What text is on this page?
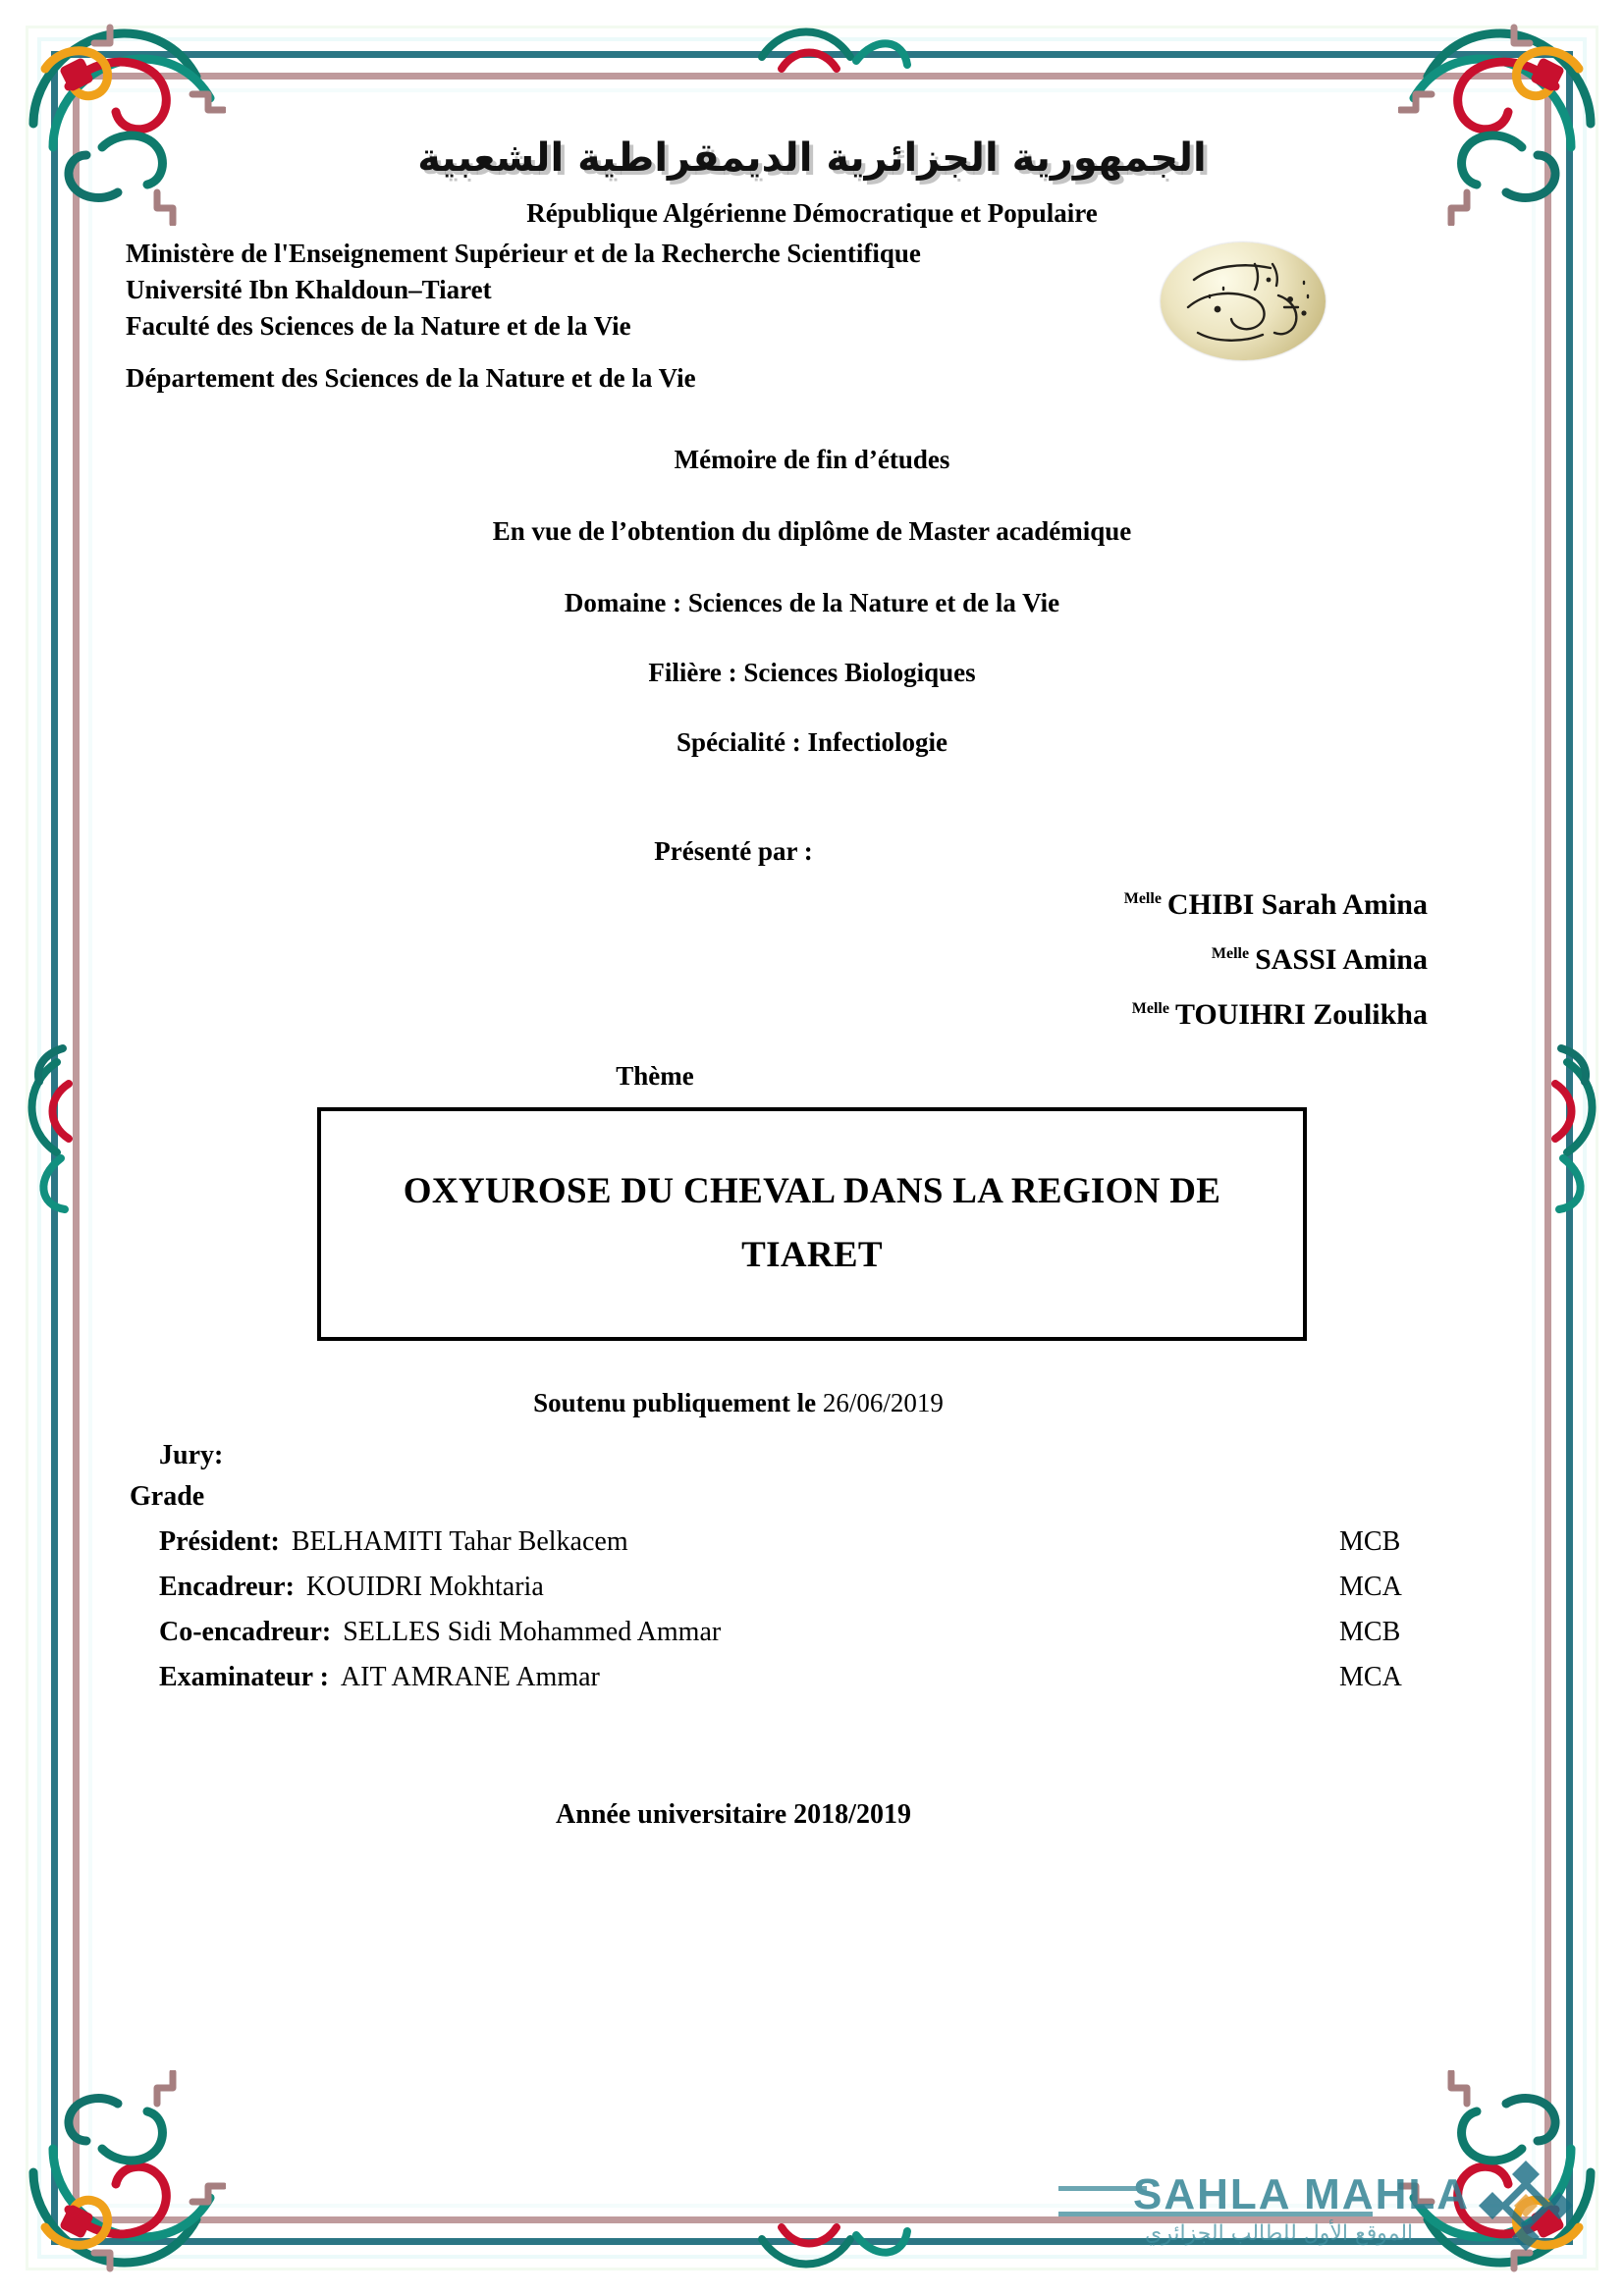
الجمهورية الجزائرية الديمقراطية الشعبية
République Algérienne Démocratique et Populaire
Ministère de l'Enseignement Supérieur et de la Recherche Scientifique
Université Ibn Khaldoun–Tiaret
Faculté des Sciences de la Nature et de la Vie
Département des Sciences de la Nature et de la Vie
Mémoire de fin d’études
En vue de l’obtention du diplôme de Master académique
Domaine : Sciences de la Nature et de la Vie
Filière : Sciences Biologiques
Spécialité : Infectiologie
Présenté par :
$^{Melle}$ CHIBI Sarah Amina
$^{Melle}$ SASSI Amina
$^{Melle}$ TOUIHRI Zoulikha
Thème
OXYUROSE DU CHEVAL DANS LA REGION DE TIARET
Soutenu publiquement le 26/06/2019
Jury:
Grade
Président: BELHAMITI Tahar Belkacem	MCB
Encadreur: KOUIDRI Mokhtaria	MCA
Co-encadreur: SELLES Sidi Mohammed Ammar	MCB
Examinateur : AIT AMRANE Ammar	MCA
Année universitaire 2018/2019
SAHLA MAHLA
الموقع الأول للطالب الجزائري
